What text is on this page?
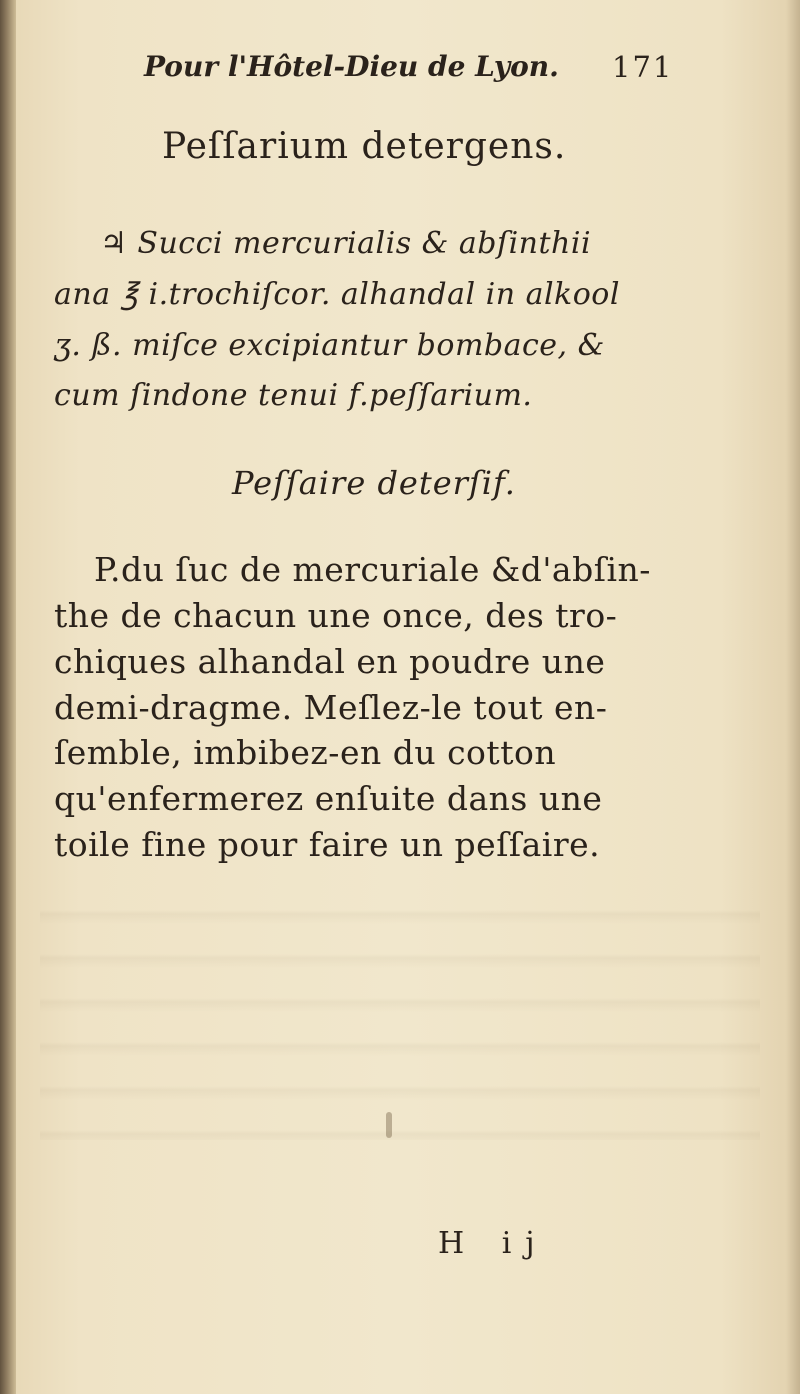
Pour l'Hôtel-Dieu de Lyon. 171
Peſſarium detergens.
♃ Succi mercurialis & abſinthii
ana ℥ i.trochiſcor. alhandal in alkool
ʒ. ß. miſce excipiantur bombace, &
cum ſindone tenui f.peſſarium.
Peſſaire deterſif.
P.du ſuc de mercuriale &d'abſin-
the de chacun une once, des tro-
chiques alhandal en poudre une
demi-dragme. Meſlez-le tout en-
ſemble, imbibez-en du cotton
qu'enfermerez enſuite dans une
toile fine pour faire un peſſaire.
H ij
